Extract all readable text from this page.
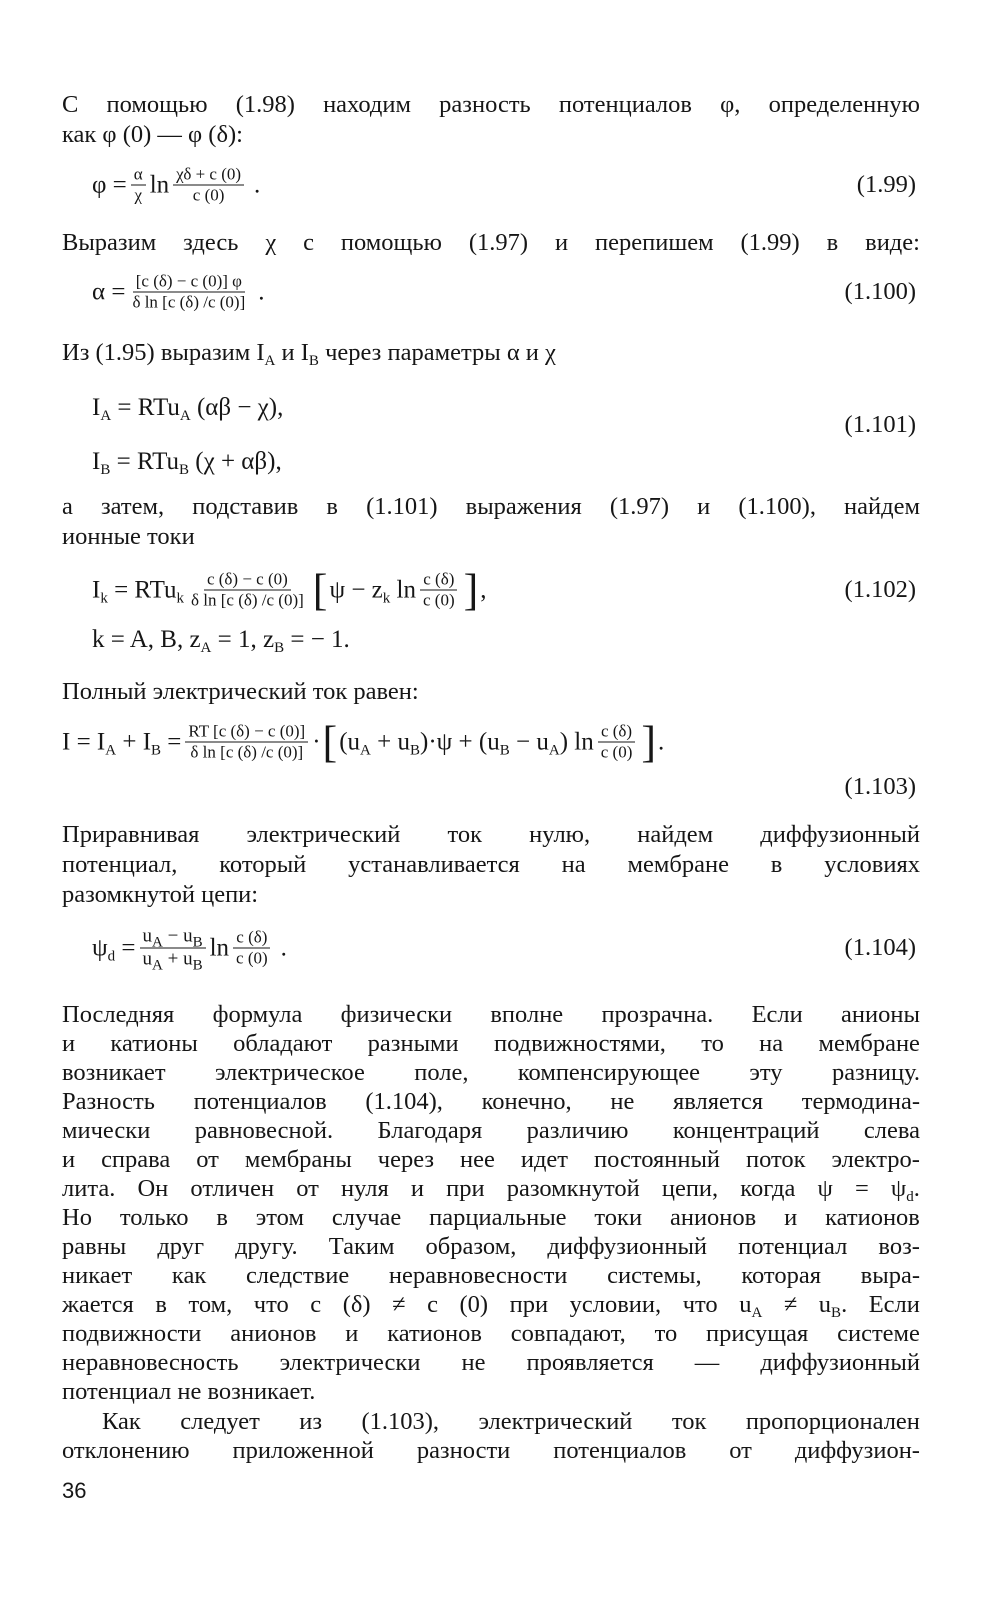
С помощью (1.98) находим разность потенциалов φ, определенную
как φ (0) — φ (δ):
$\varphi = \frac{\alpha}{\chi}$ $\ln \frac{\chi\delta + c (0)}{c (0)}$ .	(1.99)
Выразим здесь χ с помощью (1.97) и перепишем (1.99) в виде:
$\alpha = \frac{[c (\delta) - c (0)] \varphi}{\text{δ ln [c (δ) /c (0)]}}$ .	(1.100)
Из (1.95) выразим $I_A$ и $I_B$ через параметры α и χ
$I_A = RTu_A$ (αβ − χ),
$I_B = RTu_B$ (χ + αβ),
(1.101)
а затем, подставив в (1.101) выражения (1.97) и (1.100), найдем
ионные токи
$I_k = RTu_k \frac{c (\delta) - c (0)}{\text{δ ln [c (δ) /c (0)]}}$ [ $\psi - z_k$ $\ln \frac{c (\delta)}{c (0)}$ ] ,	(1.102)
k = A, B, $z_A = 1$, $z_B$ = − 1.
Полный электрический ток равен:
$I = I_A + I_B = \frac{RT [c (\delta) - c (0)]}{\text{δ ln [c (δ) /c (0)]}}$ · [ $(u_A + u_B)\cdot\psi + (u_B - u_A)$ $\ln \frac{c (\delta)}{c (0)}$ ] .
(1.103)
Приравнивая электрический ток нулю, найдем диффузионный
потенциал, который устанавливается на мембране в условиях
разомкнутой цепи:
$\psi_d = \frac{u_A - u_B}{u_A + u_B}$ $\ln \frac{c (\delta)}{c (0)}$ .	(1.104)
Последняя формула физически вполне прозрачна. Если анионы
и катионы обладают разными подвижностями, то на мембране
возникает электрическое поле, компенсирующее эту разницу.
Разность потенциалов (1.104), конечно, не является термодина-
мически равновесной. Благодаря различию концентраций слева
и справа от мембраны через нее идет постоянный поток электро-
лита. Он отличен от нуля и при разомкнутой цепи, когда $\psi = \psi_d$.
Но только в этом случае парциальные токи анионов и катионов
равны друг другу. Таким образом, диффузионный потенциал воз-
никает как следствие неравновесности системы, которая выра-
жается в том, что c (δ) ≠ c (0) при условии, что $u_A \ne u_B$. Если
подвижности анионов и катионов совпадают, то присущая системе
неравновесность электрически не проявляется — диффузионный
потенциал не возникает.
Как следует из (1.103), электрический ток пропорционален
отклонению приложенной разности потенциалов от диффузион-
36
